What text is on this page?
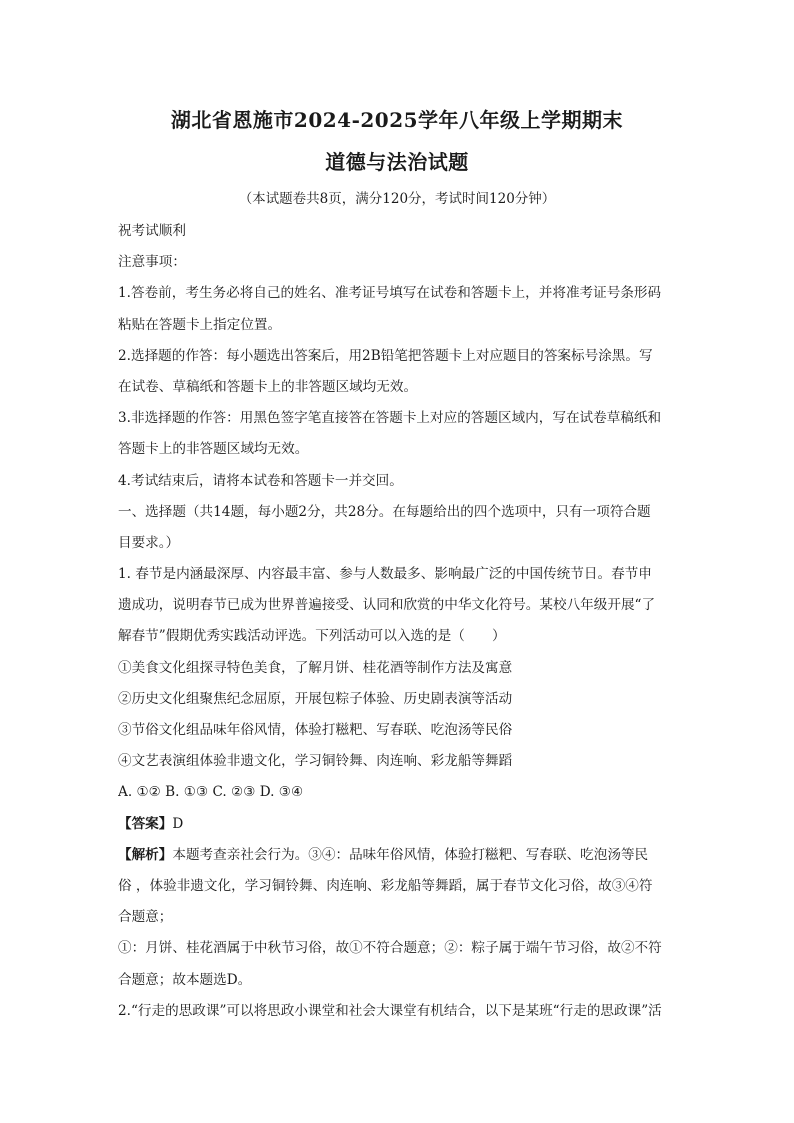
湖北省恩施市2024-2025学年八年级上学期期末
道德与法治试题
（本试题卷共8页，满分120分，考试时间120分钟）
祝考试顺利
注意事项：
1.答卷前，考生务必将自己的姓名、准考证号填写在试卷和答题卡上，并将准考证号条形码
粘贴在答题卡上指定位置。
2.选择题的作答：每小题选出答案后，用2B铅笔把答题卡上对应题目的答案标号涂黑。写
在试卷、草稿纸和答题卡上的非答题区域均无效。
3.非选择题的作答：用黑色签字笔直接答在答题卡上对应的答题区域内，写在试卷草稿纸和
答题卡上的非答题区域均无效。
4.考试结束后，请将本试卷和答题卡一并交回。
一、选择题（共14题，每小题2分，共28分。在每题给出的四个选项中，只有一项符合题
目要求。）
1. 春节是内涵最深厚、内容最丰富、参与人数最多、影响最广泛的中国传统节日。春节申
遗成功，说明春节已成为世界普遍接受、认同和欣赏的中华文化符号。某校八年级开展“了
解春节”假期优秀实践活动评选。下列活动可以入选的是（　　）
①美食文化组探寻特色美食，了解月饼、桂花酒等制作方法及寓意
②历史文化组聚焦纪念屈原，开展包粽子体验、历史剧表演等活动
③节俗文化组品味年俗风情，体验打糍粑、写春联、吃泡汤等民俗
④文艺表演组体验非遗文化，学习铜铃舞、肉连响、彩龙船等舞蹈
A. ①② B. ①③ C. ②③ D. ③④
【答案】D
【解析】本题考查亲社会行为。③④：品味年俗风情，体验打糍粑、写春联、吃泡汤等民
俗 ，体验非遗文化，学习铜铃舞、肉连响、彩龙船等舞蹈，属于春节文化习俗，故③④符
合题意；
①：月饼、桂花酒属于中秋节习俗，故①不符合题意；②：粽子属于端午节习俗，故②不符
合题意；故本题选D。
2.“行走的思政课”可以将思政小课堂和社会大课堂有机结合，以下是某班“行走的思政课”活
